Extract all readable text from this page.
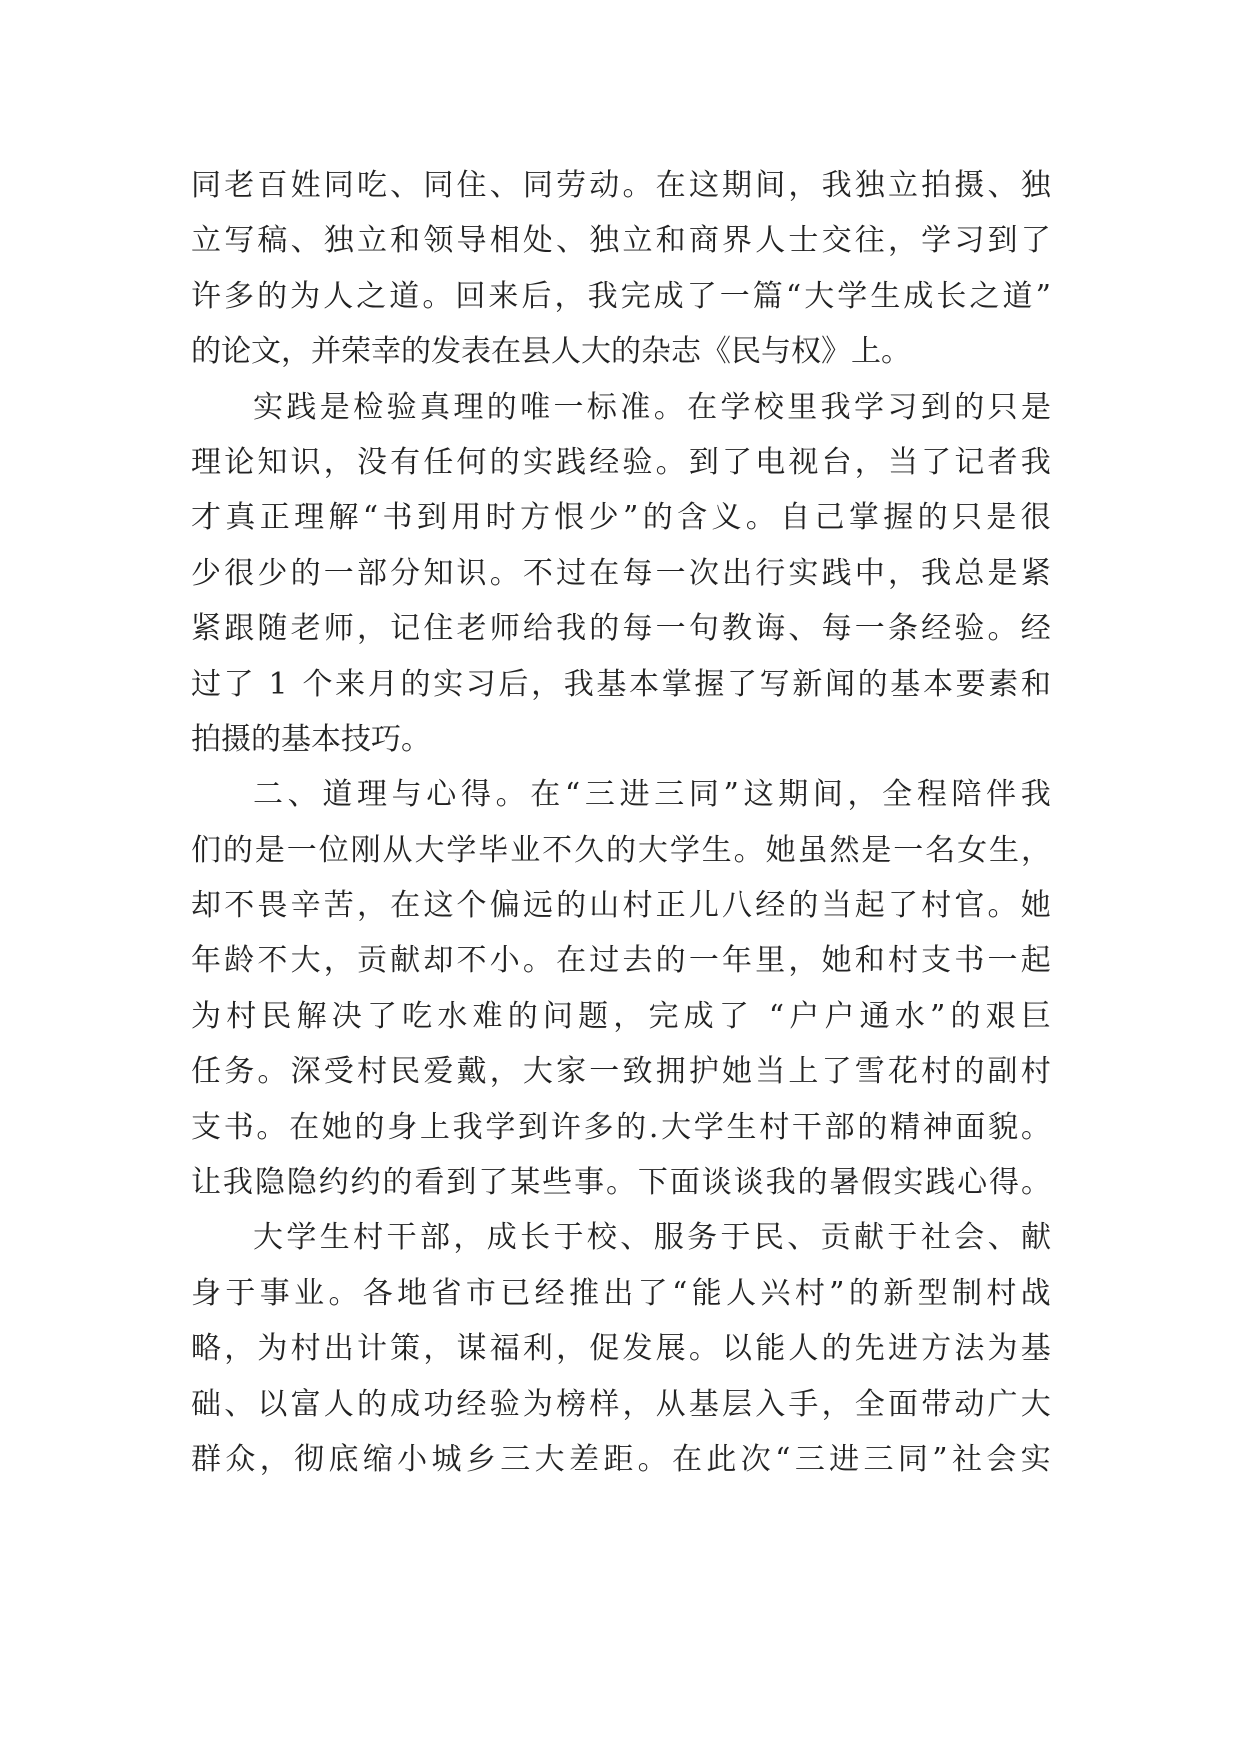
同 老 百 姓 同 吃 、 同 住 、 同 劳 动 。 在 这 期 间 ， 我 独 立 拍 摄 、 独
立 写 稿 、 独 立 和 领 导 相 处 、 独 立 和 商 界 人 士 交 往 ， 学 习 到 了
许 多 的 为 人 之 道 。 回 来 后 ， 我 完 成 了 一 篇 “ 大 学 生 成 长 之 道 ”
的论文，并荣幸的发表在县人大的杂志《民与权》上。
实 践 是 检 验 真 理 的 唯 一 标 准 。 在 学 校 里 我 学 习 到 的 只 是
理 论 知 识 ， 没 有 任 何 的 实 践 经 验 。 到 了 电 视 台 ， 当 了 记 者 我
才 真 正 理 解 “ 书 到 用 时 方 恨 少 ” 的 含 义 。 自 己 掌 握 的 只 是 很
少 很 少 的 一 部 分 知 识 。 不 过 在 每 一 次 出 行 实 践 中 ， 我 总 是 紧
紧 跟 随 老 师 ， 记 住 老 师 给 我 的 每 一 句 教 诲 、 每 一 条 经 验 。 经
过 了
1
个 来 月 的 实 习 后 ， 我 基 本 掌 握 了 写 新 闻 的 基 本 要 素 和
拍摄的基本技巧。
二 、 道 理 与 心 得 。 在 “ 三 进 三 同 ” 这 期 间 ， 全 程 陪 伴 我
们 的 是 一 位 刚 从 大 学 毕 业 不 久 的 大 学 生 。 她 虽 然 是 一 名 女 生 ，
却 不 畏 辛 苦 ， 在 这 个 偏 远 的 山 村 正 儿 八 经 的 当 起 了 村 官 。 她
年 龄 不 大 ， 贡 献 却 不 小 。 在 过 去 的 一 年 里 ， 她 和 村 支 书 一 起
为 村 民 解 决 了 吃 水 难 的 问 题 ， 完 成 了
“ 户 户 通 水 ” 的 艰 巨
任 务 。 深 受 村 民 爱 戴 ， 大 家 一 致 拥 护 她 当 上 了 雪 花 村 的 副 村
支 书 。 在 她 的 身 上 我 学 到 许 多 的 . 大 学 生 村 干 部 的 精 神 面 貌 。
让 我 隐 隐 约 约 的 看 到 了 某 些 事 。 下 面 谈 谈 我 的 暑 假 实 践 心 得 。
大 学 生 村 干 部 ， 成 长 于 校 、 服 务 于 民 、 贡 献 于 社 会 、 献
身 于 事 业 。 各 地 省 市 已 经 推 出 了 “ 能 人 兴 村 ” 的 新 型 制 村 战
略 ， 为 村 出 计 策 ， 谋 福 利 ， 促 发 展 。 以 能 人 的 先 进 方 法 为 基
础 、 以 富 人 的 成 功 经 验 为 榜 样 ， 从 基 层 入 手 ， 全 面 带 动 广 大
群 众 ， 彻 底 缩 小 城 乡 三 大 差 距 。 在 此 次 “ 三 进 三 同 ” 社 会 实
